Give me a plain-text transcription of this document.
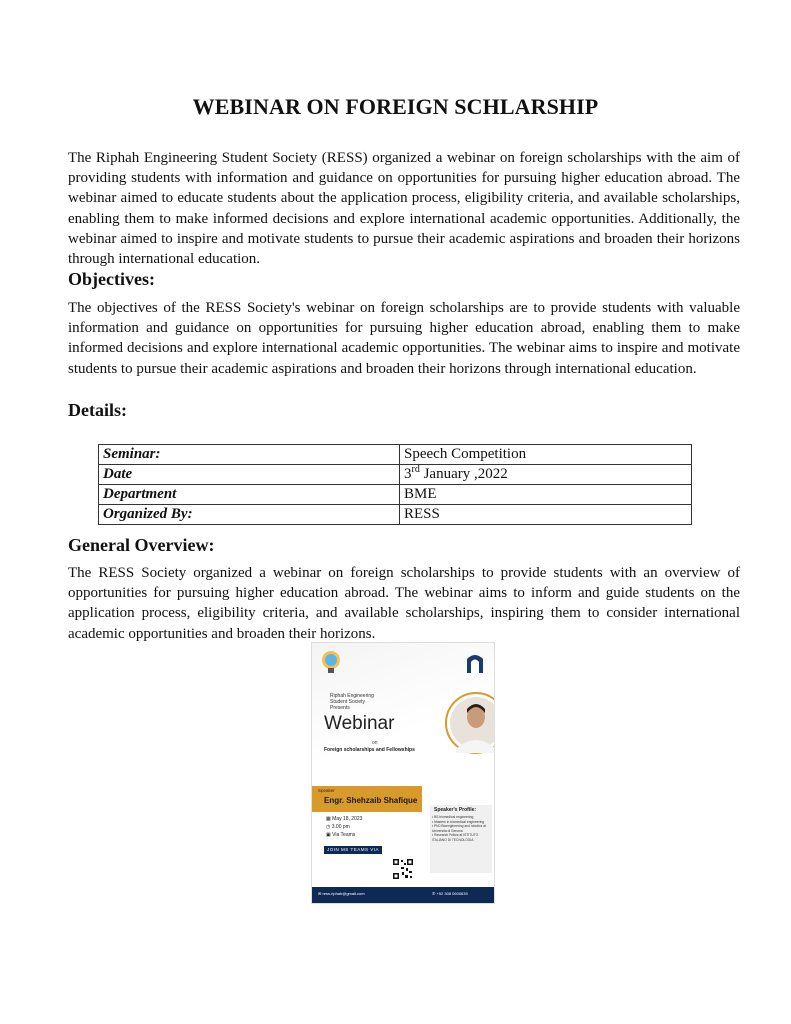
WEBINAR ON FOREIGN SCHLARSHIP

The Riphah Engineering Student Society (RESS) organized a webinar on foreign scholarships with the aim of providing students with information and guidance on opportunities for pursuing higher education abroad. The webinar aimed to educate students about the application process, eligibility criteria, and available scholarships, enabling them to make informed decisions and explore international academic opportunities. Additionally, the webinar aimed to inspire and motivate students to pursue their academic aspirations and broaden their horizons through international education.

Objectives:

The objectives of the RESS Society's webinar on foreign scholarships are to provide students with valuable information and guidance on opportunities for pursuing higher education abroad, enabling them to make informed decisions and explore international academic opportunities. The webinar aims to inspire and motivate students to pursue their academic aspirations and broaden their horizons through international education.

Details:
Seminar:	Speech Competition
Date	3rd January ,2022
Department	BME
Organized By:	RESS
General Overview:

The RESS Society organized a webinar on foreign scholarships to provide students with an overview of opportunities for pursuing higher education abroad. The webinar aims to inform and guide students on the application process, eligibility criteria, and available scholarships, inspiring them to consider international academic opportunities and broaden their horizons.

Riphah Engineering
Student Society
Presents
Webinar
on
Foreign scholarships and Fellowships
Speaker
Engr. Shehzaib Shafique
▦ May 18, 2023
◷ 3.00 pm
▣ Via Teams
Speaker's Profile:
• BS biomedical engineering
• Masters in biomedical engineering
• PhD Bioengineering and robotics at Università di Genova
• Research Fellow at ISTITUTO ITALIANO DI TECNOLOGIA
JOIN MS TEAMS VIA
✉ ress.riphah@gmail.com	✆ +92 308 0600639
